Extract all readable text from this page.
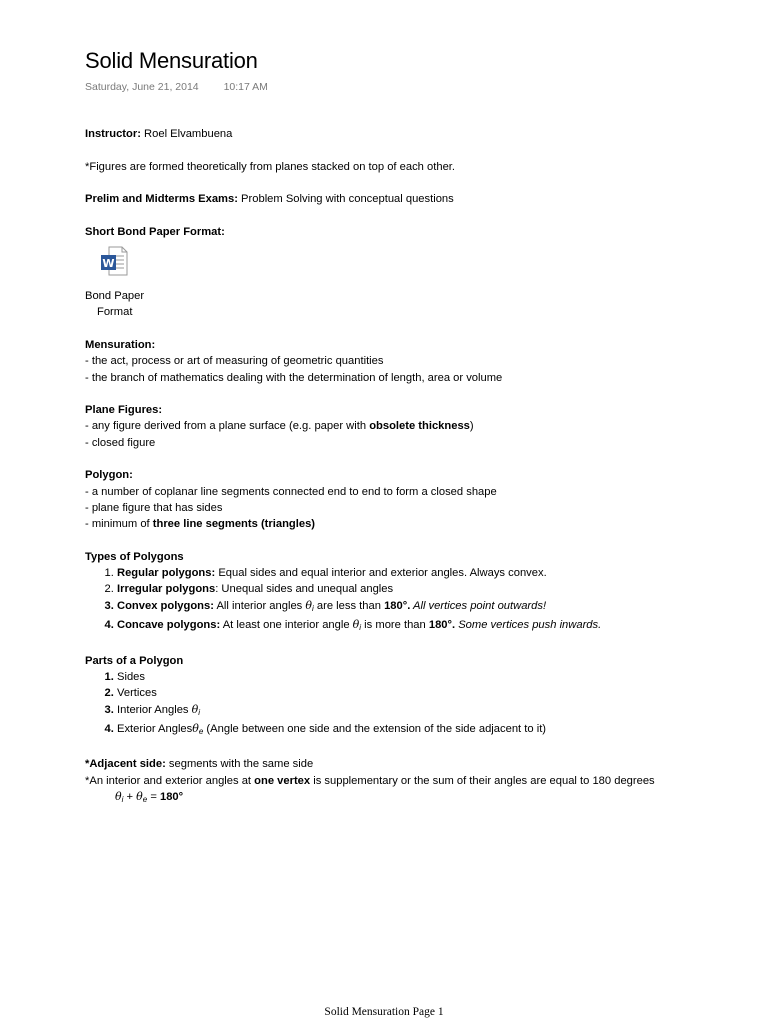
Solid Mensuration
Saturday, June 21, 2014 10:17 AM

Instructor: Roel Elvambuena

*Figures are formed theoretically from planes stacked on top of each other.

Prelim and Midterms Exams: Problem Solving with conceptual questions

Short Bond Paper Format:

W
Bond Paper
Format

Mensuration:

- the act, process or art of measuring of geometric quantities

- the branch of mathematics dealing with the determination of length, area or volume

Plane Figures:

- any figure derived from a plane surface (e.g. paper with obsolete thickness)

- closed figure

Polygon:

- a number of coplanar line segments connected end to end to form a closed shape

- plane figure that has sides

- minimum of three line segments (triangles)

Types of Polygons

1. Regular polygons: Equal sides and equal interior and exterior angles. Always convex.
2. Irregular polygons: Unequal sides and unequal angles
3. Convex polygons: All interior angles $\theta_i$ are less than 180°. All vertices point outwards!
4. Concave polygons: At least one interior angle $\theta_i$ is more than 180°. Some vertices push inwards.

Parts of a Polygon

1. Sides
2. Vertices
3. Interior Angles $\theta_i$
4. Exterior Anglesθ$_e$ (Angle between one side and the extension of the side adjacent to it)

*Adjacent side: segments with the same side

*An interior and exterior angles at one vertex is supplementary or the sum of their angles are equal to 180 degrees

$\theta_i + \theta_e = 180^\circ$

Solid Mensuration Page 1
